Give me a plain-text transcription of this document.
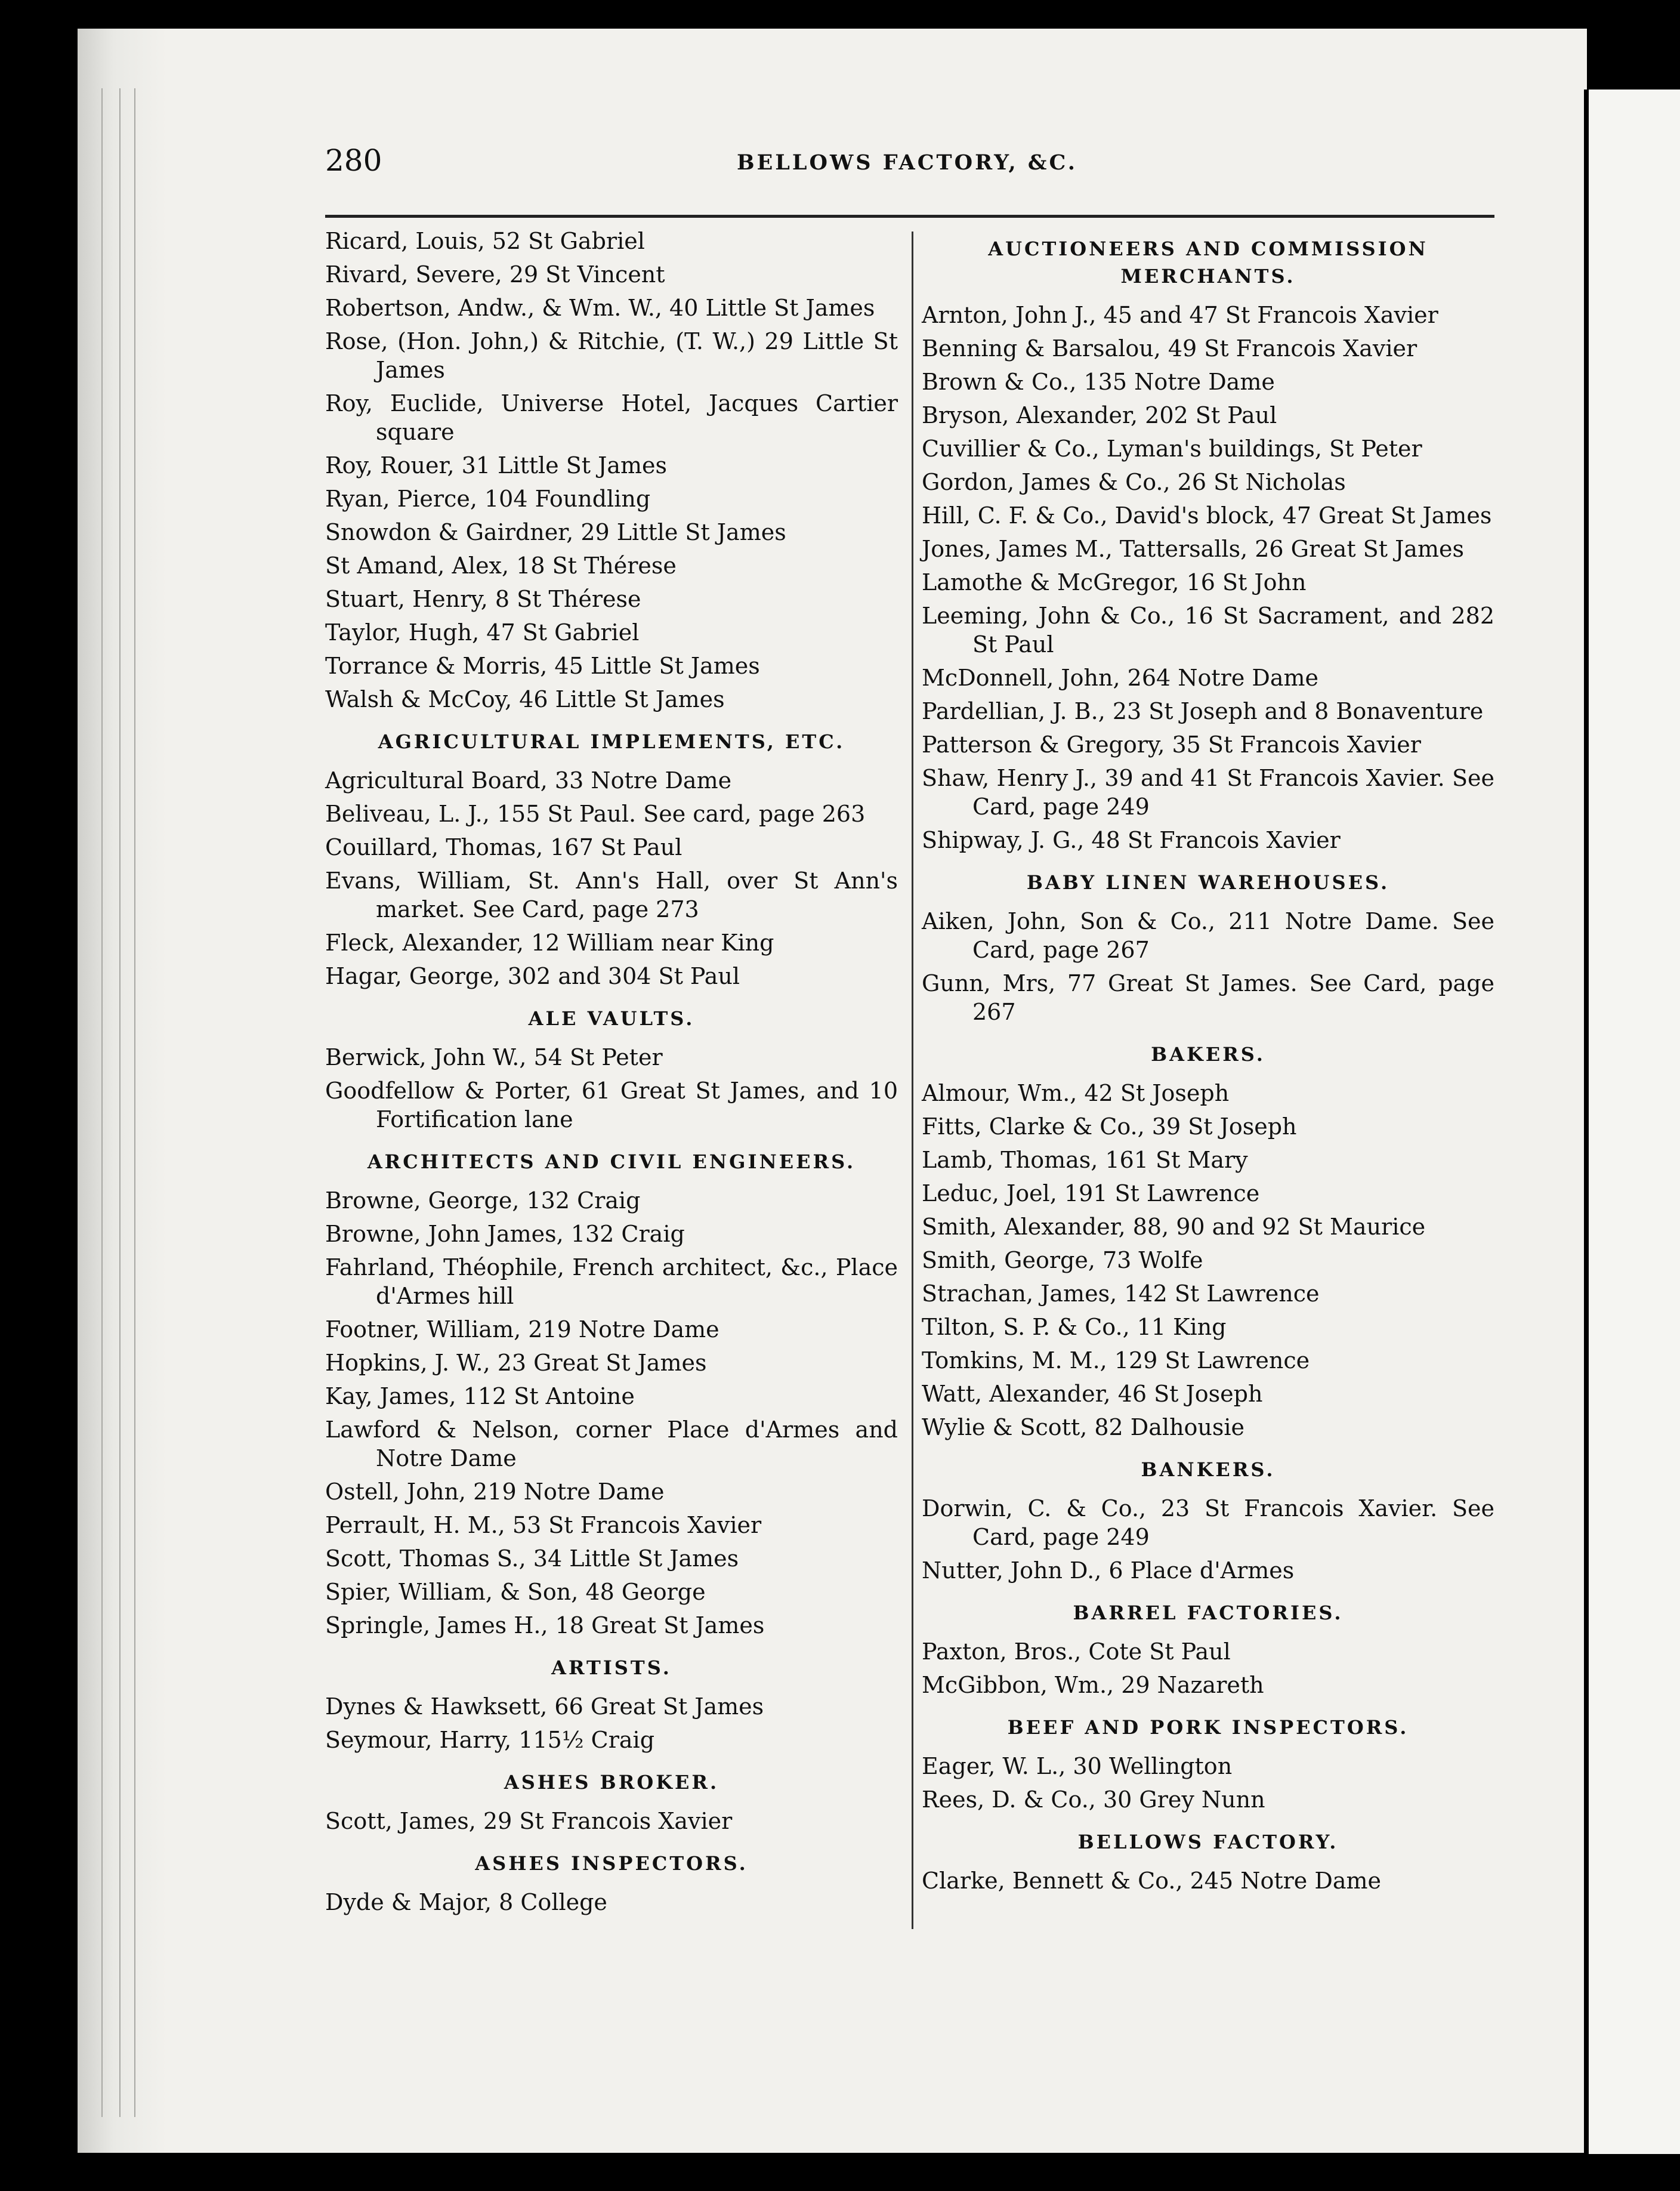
280	BELLOWS FACTORY, &C.
Ricard, Louis, 52 St Gabriel
Rivard, Severe, 29 St Vincent
Robertson, Andw., & Wm. W., 40 Little St James
Rose, (Hon. John,) & Ritchie, (T. W.,) 29 Little St James
Roy, Euclide, Universe Hotel, Jacques Cartier square
Roy, Rouer, 31 Little St James
Ryan, Pierce, 104 Foundling
Snowdon & Gairdner, 29 Little St James
St Amand, Alex, 18 St Thérese
Stuart, Henry, 8 St Thérese
Taylor, Hugh, 47 St Gabriel
Torrance & Morris, 45 Little St James
Walsh & McCoy, 46 Little St James
AGRICULTURAL IMPLEMENTS, ETC.
Agricultural Board, 33 Notre Dame
Beliveau, L. J., 155 St Paul. See card, page 263
Couillard, Thomas, 167 St Paul
Evans, William, St. Ann's Hall, over St Ann's market. See Card, page 273
Fleck, Alexander, 12 William near King
Hagar, George, 302 and 304 St Paul
ALE VAULTS.
Berwick, John W., 54 St Peter
Goodfellow & Porter, 61 Great St James, and 10 Fortification lane
ARCHITECTS AND CIVIL ENGINEERS.
Browne, George, 132 Craig
Browne, John James, 132 Craig
Fahrland, Théophile, French architect, &c., Place d'Armes hill
Footner, William, 219 Notre Dame
Hopkins, J. W., 23 Great St James
Kay, James, 112 St Antoine
Lawford & Nelson, corner Place d'Armes and Notre Dame
Ostell, John, 219 Notre Dame
Perrault, H. M., 53 St Francois Xavier
Scott, Thomas S., 34 Little St James
Spier, William, & Son, 48 George
Springle, James H., 18 Great St James
ARTISTS.
Dynes & Hawksett, 66 Great St James
Seymour, Harry, 115½ Craig
ASHES BROKER.
Scott, James, 29 St Francois Xavier
ASHES INSPECTORS.
Dyde & Major, 8 College
AUCTIONEERS AND COMMISSION MERCHANTS.
Arnton, John J., 45 and 47 St Francois Xavier
Benning & Barsalou, 49 St Francois Xavier
Brown & Co., 135 Notre Dame
Bryson, Alexander, 202 St Paul
Cuvillier & Co., Lyman's buildings, St Peter
Gordon, James & Co., 26 St Nicholas
Hill, C. F. & Co., David's block, 47 Great St James
Jones, James M., Tattersalls, 26 Great St James
Lamothe & McGregor, 16 St John
Leeming, John & Co., 16 St Sacrament, and 282 St Paul
McDonnell, John, 264 Notre Dame
Pardellian, J. B., 23 St Joseph and 8 Bonaventure
Patterson & Gregory, 35 St Francois Xavier
Shaw, Henry J., 39 and 41 St Francois Xavier. See Card, page 249
Shipway, J. G., 48 St Francois Xavier
BABY LINEN WAREHOUSES.
Aiken, John, Son & Co., 211 Notre Dame. See Card, page 267
Gunn, Mrs, 77 Great St James. See Card, page 267
BAKERS.
Almour, Wm., 42 St Joseph
Fitts, Clarke & Co., 39 St Joseph
Lamb, Thomas, 161 St Mary
Leduc, Joel, 191 St Lawrence
Smith, Alexander, 88, 90 and 92 St Maurice
Smith, George, 73 Wolfe
Strachan, James, 142 St Lawrence
Tilton, S. P. & Co., 11 King
Tomkins, M. M., 129 St Lawrence
Watt, Alexander, 46 St Joseph
Wylie & Scott, 82 Dalhousie
BANKERS.
Dorwin, C. & Co., 23 St Francois Xavier. See Card, page 249
Nutter, John D., 6 Place d'Armes
BARREL FACTORIES.
Paxton, Bros., Cote St Paul
McGibbon, Wm., 29 Nazareth
BEEF AND PORK INSPECTORS.
Eager, W. L., 30 Wellington
Rees, D. & Co., 30 Grey Nunn
BELLOWS FACTORY.
Clarke, Bennett & Co., 245 Notre Dame
